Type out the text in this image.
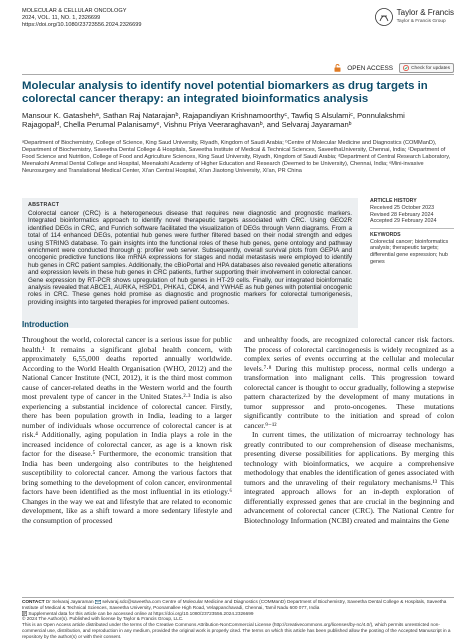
MOLECULAR & CELLULAR ONCOLOGY
2024, VOL. 11, NO. 1, 2326699
https://doi.org/10.1080/23723556.2024.2326699
Taylor & Francis
Taylor & Francis Group
OPEN ACCESS	Check for updates
Molecular analysis to identify novel potential biomarkers as drug targets in colorectal cancer therapy: an integrated bioinformatics analysis
Mansour K. Gatashehᵃ, Sathan Raj Natarajanᵇ, Rajapandiyan Krishnamoorthyᶜ, Tawfiq S Alsulamiᶜ, Ponnulakshmi Rajagopalᵈ, Chella Perumal Palanisamyᵉ, Vishnu Priya Veeraraghavanᵇ, and Selvaraj Jayaramanᵇ
ᵃDepartment of Biochemistry, College of Science, King Saud University, Riyadh, Kingdom of Saudi Arabia; ᵇCentre of Molecular Medicine and Diagnostics (COMManD), Department of Biochemistry, Saveetha Dental College & Hospitals, Saveetha Institute of Medical & Technical Sciences, SaveethaUniversity, Chennai, India; ᶜDepartment of Food Science and Nutrition, College of Food and Agriculture Sciences, King Saud University, Riyadh, Kingdom of Saudi Arabia; ᵈDepartment of Central Research Laboratory, Meenakshi Ammal Dental College and Hospital, Meenakshi Academy of Higher Education and Research (Deemed to be University), Chennai, India; ᵉMini-invasive Neurosurgery and Translational Medical Center, Xi'an Central Hospital, Xi'an Jiaotong University, Xi'an, PR China
ABSTRACT

Colorectal cancer (CRC) is a heterogeneous disease that requires new diagnostic and prognostic markers. Integrated bioinformatics approach to identify novel therapeutic targets associated with CRC. Using GEO2R identified DEGs in CRC, and Funrich software facilitated the visualization of DEGs through Venn diagrams. From a total of 114 enhanced DEGs, potential hub genes were further filtered based on their nodal strength and edges using STRING database. To gain insights into the functional roles of these hub genes, gene ontology and pathway enrichment were conducted thorough g: profiler web server. Subsequently, overall survival plots from GEPIA and oncogenic predictive functions like mRNA expressions for stages and nodal metastasis were employed to identify hub genes in CRC patient samples. Additionally, the cBioPortal and HPA databases also revealed genetic alterations and expression levels in these hub genes in CRC patients, further supporting their involvement in colorectal cancer. Gene expression by RT-PCR shows upregulation of hub genes in HT-29 cells. Finally, our integrated bioinformatic analysis revealed that ABCE1, AURKA, HSPD1, PHKA1, CDK4, and YWHAE as hub genes with potential oncogenic roles in CRC. These genes hold promise as diagnostic and prognostic markers for colorectal tumorigenesis, providing insights into targeted therapies for improved patient outcomes.

ARTICLE HISTORY
Received 25 October 2023
Revised 28 February 2024
Accepted 29 February 2024
KEYWORDS
Colorectal cancer; bioinformatics analysis; therapeutic targets; differential gene expression; hub genes
Introduction

Throughout the world, colorectal cancer is a serious issue for public health.¹ It remains a significant global health concern, with approximately 6,55,000 deaths reported annually worldwide. According to the World Health Organisation (WHO, 2012) and the National Cancer Institute (NCI, 2012), it is the third most common cause of cancer-related deaths in the Western world and the fourth most prevalent type of cancer in the United States.²·³ India is also experiencing a substantial incidence of colorectal cancer. Firstly, there has been population growth in India, leading to a larger number of individuals whose occurrence of colorectal cancer is at risk.⁴ Additionally, aging population in India plays a role in the increased incidence of colorectal cancer, as age is a known risk factor for the disease.⁵ Furthermore, the economic transition that India has been undergoing also contributes to the heightened susceptibility to colorectal cancer. Among the various factors that bring something to the development of colon cancer, environmental factors have been identified as the most influential in its etiology.⁶ Changes in the way we eat and lifestyle that are related to economic development, like as a shift toward a more sedentary lifestyle and the consumption of processed

and unhealthy foods, are recognized colorectal cancer risk factors. The process of colorectal carcinogenesis is widely recognized as a complex series of events occurring at the cellular and molecular levels.⁷·⁸ During this multistep process, normal cells undergo a transformation into malignant cells. This progression toward colorectal cancer is thought to occur gradually, following a stepwise pattern characterized by the development of many mutations in tumor suppressor and proto-oncogenes. These mutations significantly contribute to the initiation and spread of colon cancer.⁹⁻¹²

In current times, the utilization of microarray technology has greatly contributed to our comprehension of disease mechanisms, presenting diverse possibilities for applications. By merging this technology with bioinformatics, we acquire a comprehensive methodology that enables the identification of genes associated with tumors and the unraveling of their regulatory mechanisms.¹³ This integrated approach allows for an in-depth exploration of differentially expressed genes that are crucial in the beginning and advancement of colorectal cancer (CRC). The National Centre for Biotechnology Information (NCBI) created and maintains the Gene

CONTACT Dr Selvaraj Jayaraman selvaraj.sdc@saveetha.com Centre of Molecular Medicine and Diagnostics (COMManD) Department of Biochemistry, Saveetha Dental College & Hospitals, Saveetha Institute of Medical & Technical Sciences, Saveetha University, Poonamallee High Road, Velappanchavadi, Chennai, Tamil Nadu 600 077, India
Supplemental data for this article can be accessed online at https://doi.org/10.1080/23723556.2024.2326699
© 2024 The Author(s). Published with license by Taylor & Francis Group, LLC.
This is an Open Access article distributed under the terms of the Creative Commons Attribution-NonCommercial License (http://creativecommons.org/licenses/by-nc/4.0/), which permits unrestricted non-commercial use, distribution, and reproduction in any medium, provided the original work is properly cited. The terms on which this article has been published allow the posting of the Accepted Manuscript in a repository by the author(s) or with their consent.
